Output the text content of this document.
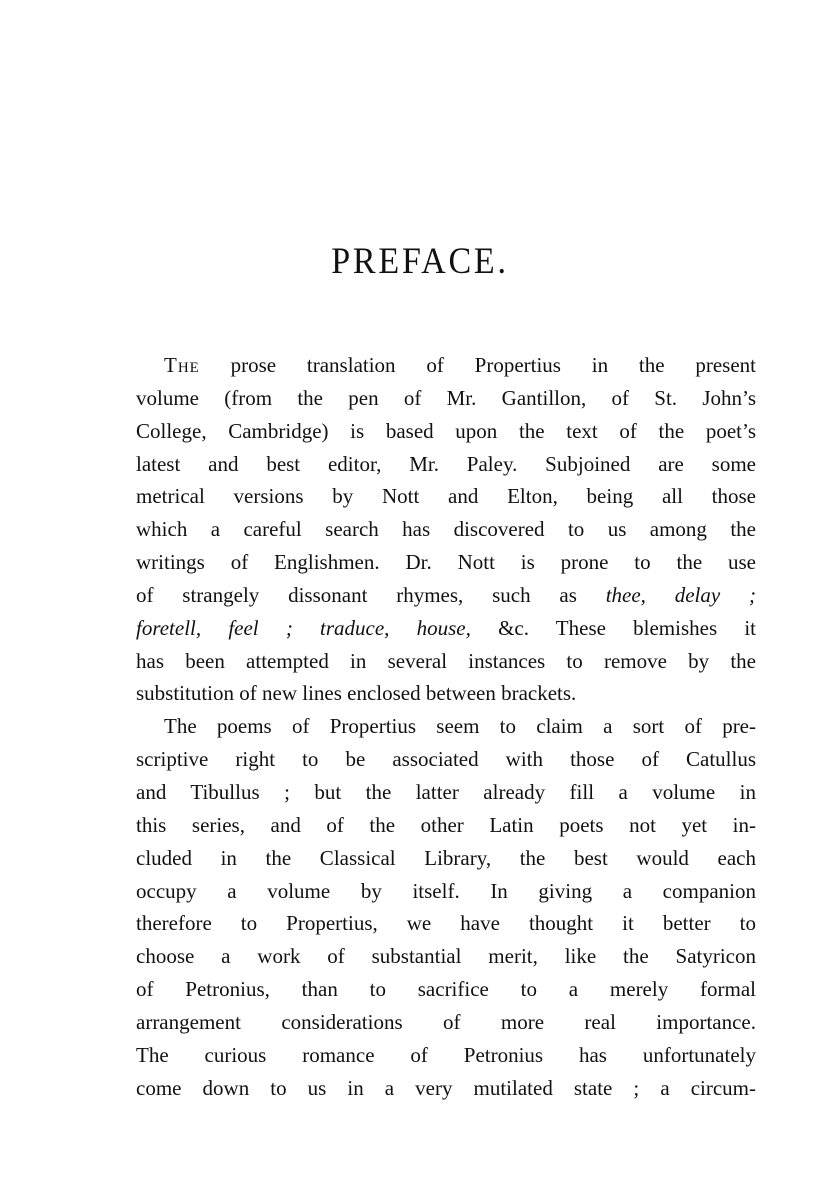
PREFACE.
The prose translation of Propertius in the present
volume (from the pen of Mr. Gantillon, of St. John’s
College, Cambridge) is based upon the text of the poet’s
latest and best editor, Mr. Paley. Subjoined are some
metrical versions by Nott and Elton, being all those
which a careful search has discovered to us among the
writings of Englishmen. Dr. Nott is prone to the use
of strangely dissonant rhymes, such as thee, delay ;
foretell, feel ; traduce, house, &c. These blemishes it
has been attempted in several instances to remove by the
substitution of new lines enclosed between brackets.
The poems of Propertius seem to claim a sort of pre-
scriptive right to be associated with those of Catullus
and Tibullus ; but the latter already fill a volume in
this series, and of the other Latin poets not yet in-
cluded in the Classical Library, the best would each
occupy a volume by itself. In giving a companion
therefore to Propertius, we have thought it better to
choose a work of substantial merit, like the Satyricon
of Petronius, than to sacrifice to a merely formal
arrangement considerations of more real importance.
The curious romance of Petronius has unfortunately
come down to us in a very mutilated state ; a circum-
